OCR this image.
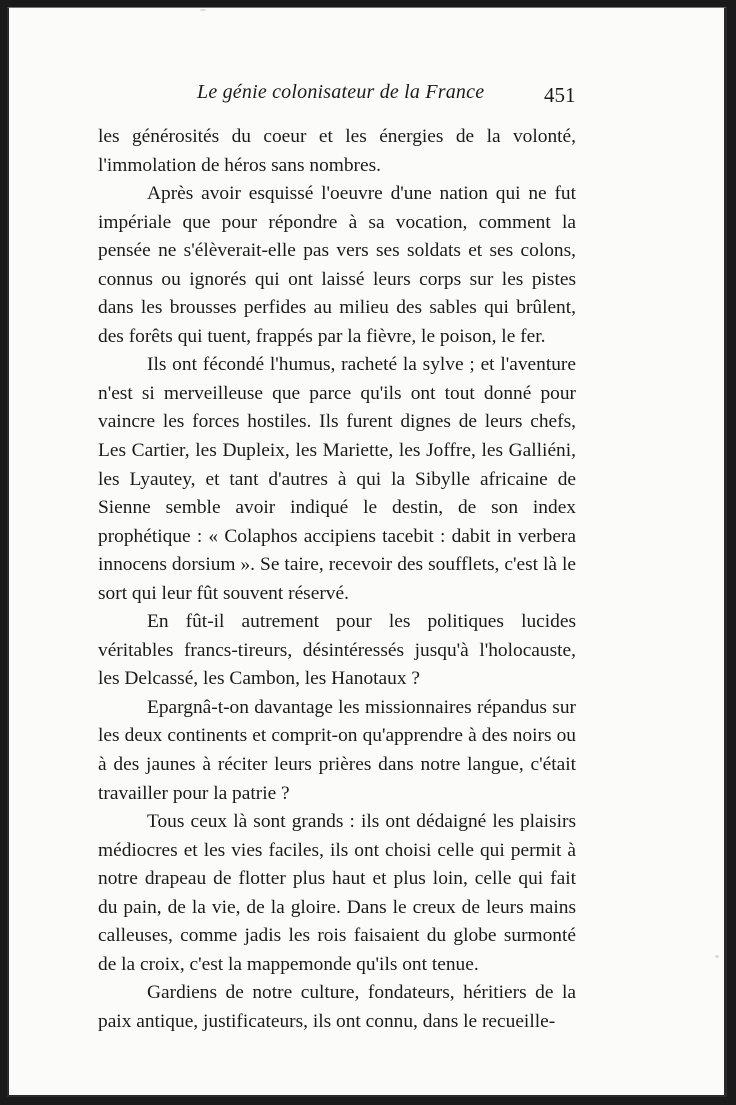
Le génie colonisateur de la France	451

les générosités du coeur et les énergies de la volonté, l'immolation de héros sans nombres.

Après avoir esquissé l'oeuvre d'une nation qui ne fut impériale que pour répondre à sa vocation, comment la pensée ne s'élèverait-elle pas vers ses soldats et ses colons, connus ou ignorés qui ont laissé leurs corps sur les pistes dans les brousses perfides au milieu des sables qui brûlent, des forêts qui tuent, frappés par la fièvre, le poison, le fer.

Ils ont fécondé l'humus, racheté la sylve ; et l'aventure n'est si merveilleuse que parce qu'ils ont tout donné pour vaincre les forces hostiles. Ils furent dignes de leurs chefs, Les Cartier, les Dupleix, les Mariette, les Joffre, les Galliéni, les Lyautey, et tant d'autres à qui la Sibylle africaine de Sienne semble avoir indiqué le destin, de son index prophétique : « Colaphos accipiens tacebit : dabit in verbera innocens dorsium ». Se taire, recevoir des soufflets, c'est là le sort qui leur fût souvent réservé.

En fût-il autrement pour les politiques lucides véritables francs-tireurs, désintéressés jusqu'à l'holocauste, les Delcassé, les Cambon, les Hanotaux ?

Epargnâ-t-on davantage les missionnaires répandus sur les deux continents et comprit-on qu'apprendre à des noirs ou à des jaunes à réciter leurs prières dans notre langue, c'était travailler pour la patrie ?

Tous ceux là sont grands : ils ont dédaigné les plaisirs médiocres et les vies faciles, ils ont choisi celle qui permit à notre drapeau de flotter plus haut et plus loin, celle qui fait du pain, de la vie, de la gloire. Dans le creux de leurs mains calleuses, comme jadis les rois faisaient du globe surmonté de la croix, c'est la mappemonde qu'ils ont tenue.

Gardiens de notre culture, fondateurs, héritiers de la paix antique, justificateurs, ils ont connu, dans le recueille-
